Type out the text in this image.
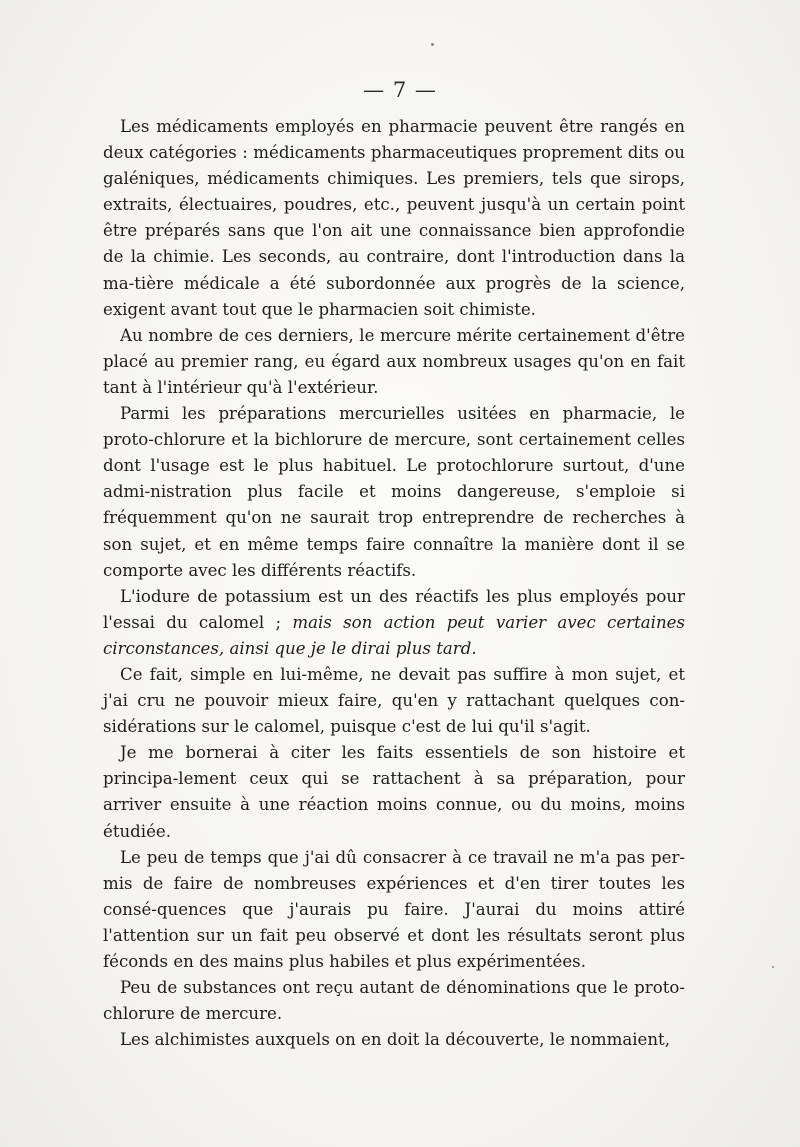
— 7 —

Les médicaments employés en pharmacie peuvent être rangés en deux catégories : médicaments pharmaceutiques proprement dits ou galéniques, médicaments chimiques. Les premiers, tels que sirops, extraits, électuaires, poudres, etc., peuvent jusqu'à un certain point être préparés sans que l'on ait une connaissance bien approfondie de la chimie. Les seconds, au contraire, dont l'introduction dans la ma-tière médicale a été subordonnée aux progrès de la science, exigent avant tout que le pharmacien soit chimiste.

Au nombre de ces derniers, le mercure mérite certainement d'être placé au premier rang, eu égard aux nombreux usages qu'on en fait tant à l'intérieur qu'à l'extérieur.

Parmi les préparations mercurielles usitées en pharmacie, le proto-chlorure et la bichlorure de mercure, sont certainement celles dont l'usage est le plus habituel. Le protochlorure surtout, d'une admi-nistration plus facile et moins dangereuse, s'emploie si fréquemment qu'on ne saurait trop entreprendre de recherches à son sujet, et en même temps faire connaître la manière dont il se comporte avec les différents réactifs.

L'iodure de potassium est un des réactifs les plus employés pour l'essai du calomel ; mais son action peut varier avec certaines circonstances, ainsi que je le dirai plus tard.

Ce fait, simple en lui-même, ne devait pas suffire à mon sujet, et j'ai cru ne pouvoir mieux faire, qu'en y rattachant quelques con-sidérations sur le calomel, puisque c'est de lui qu'il s'agit.

Je me bornerai à citer les faits essentiels de son histoire et principa-lement ceux qui se rattachent à sa préparation, pour arriver ensuite à une réaction moins connue, ou du moins, moins étudiée.

Le peu de temps que j'ai dû consacrer à ce travail ne m'a pas per-mis de faire de nombreuses expériences et d'en tirer toutes les consé-quences que j'aurais pu faire. J'aurai du moins attiré l'attention sur un fait peu observé et dont les résultats seront plus féconds en des mains plus habiles et plus expérimentées.

Peu de substances ont reçu autant de dénominations que le proto-chlorure de mercure.

Les alchimistes auxquels on en doit la découverte, le nommaient,
